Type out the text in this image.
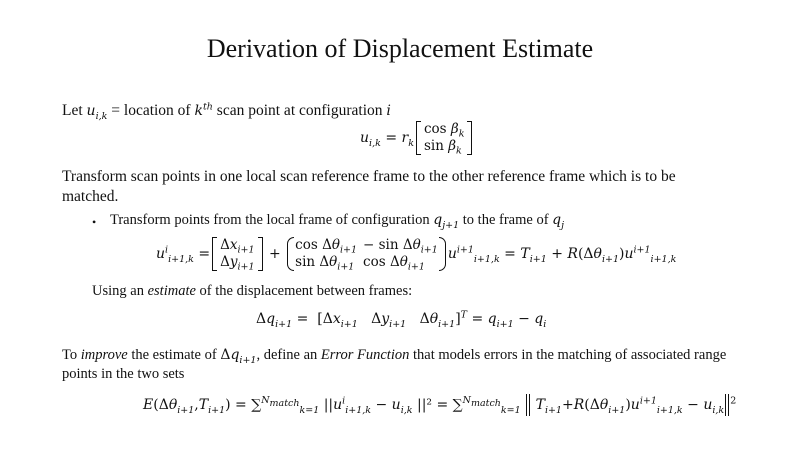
Derivation of Displacement Estimate
Let $u_{i,k}$ = location of $k^{th}$ scan point at configuration i
$u_{i,k} = r_k$
$\cos \beta_k$
$\sin \beta_k$
Transform scan points in one local scan reference frame to the other reference frame which is to be
matched.
• Transform points from the local frame of configuration $q_{j+1}$ to the frame of $q_j$
$u^i_{i+1,k}$ =
$\Delta x_{i+1}$
$\Delta y_{i+1}$
+
$\cos \Delta\theta_{i+1}$	− $\sin \Delta\theta_{i+1}$
$\sin \Delta\theta_{i+1}$	$\cos \Delta\theta_{i+1}$
$u^{i+1}_{i+1,k} = T_{i+1} + R(\Delta\theta_{i+1})u^{i+1}_{i+1,k}$
Using an estimate of the displacement between frames:
$\Delta q_{i+1} = [\Delta x_{i+1}$ $\Delta y_{i+1}$ $\Delta\theta_{i+1}]^T = q_{i+1} - q_i$
To improve the estimate of $\Delta q_{i+1}$, define an Error Function that models errors in the matching of associated range
points in the two sets
$E(\Delta\theta_{i+1},T_{i+1}) = \sum^{N_{match}}_{k=1}$ $||u^i_{i+1,k} - u_{i,k}$ ||² = ∑$^{N_{match}}_{k=1}$  $T_{i+1}+R(\Delta\theta_{i+1})u^{i+1}_{i+1,k} - u_{i,k}^2$
